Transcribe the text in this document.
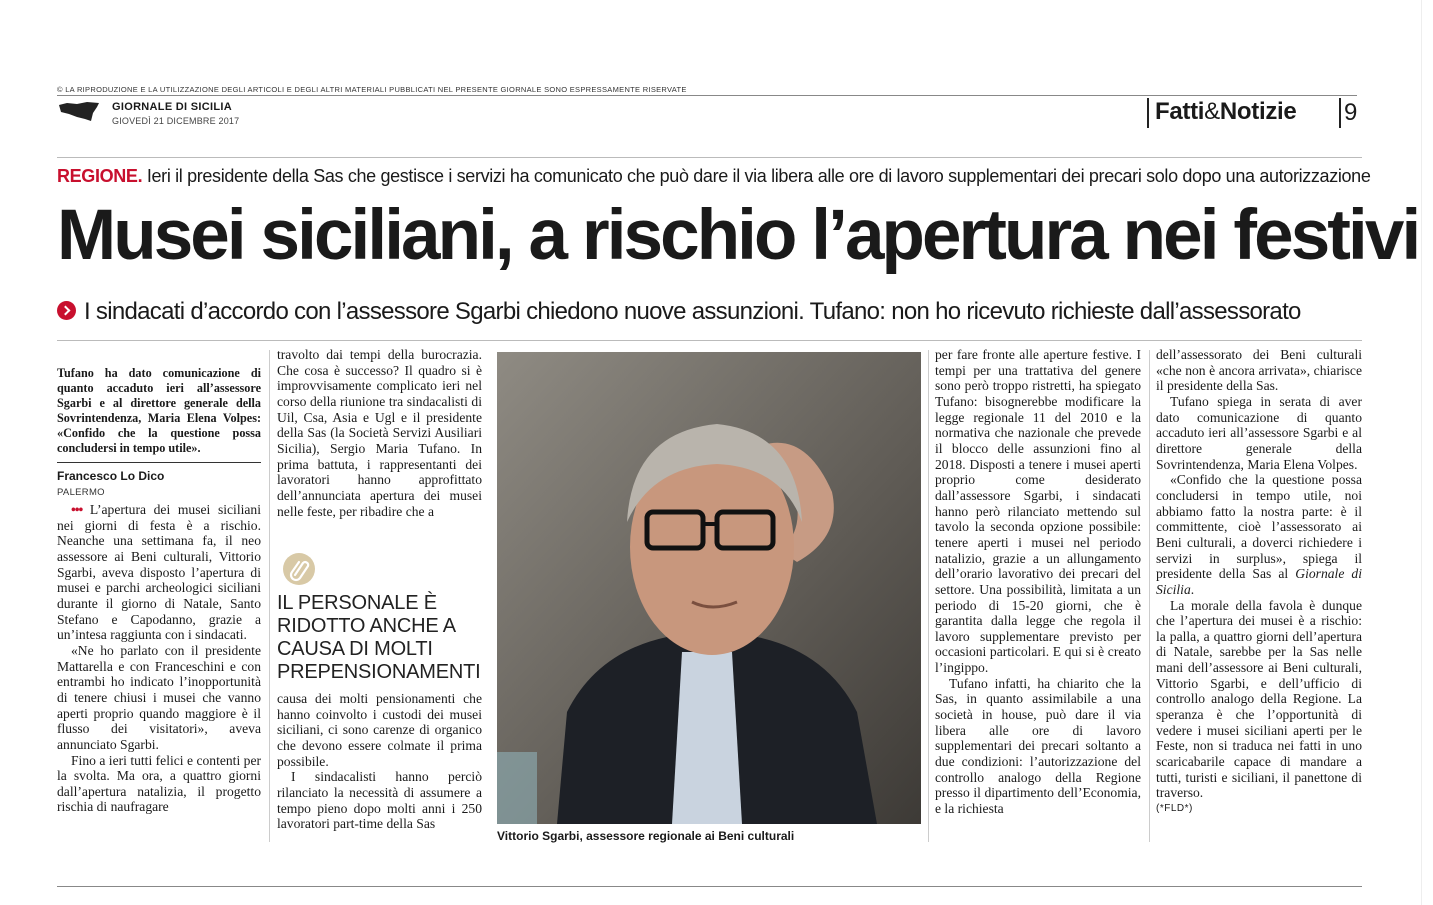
© LA RIPRODUZIONE E LA UTILIZZAZIONE DEGLI ARTICOLI E DEGLI ALTRI MATERIALI PUBBLICATI NEL PRESENTE GIORNALE SONO ESPRESSAMENTE RISERVATE
GIORNALE DI SICILIA
GIOVEDÌ 21 DICEMBRE 2017	Fatti&Notizie 9
REGIONE. Ieri il presidente della Sas che gestisce i servizi ha comunicato che può dare il via libera alle ore di lavoro supplementari dei precari solo dopo una autorizzazione
Musei siciliani, a rischio l’apertura nei festivi
I sindacati d’accordo con l’assessore Sgarbi chiedono nuove assunzioni. Tufano: non ho ricevuto richieste dall’assessorato
Tufano ha dato comunicazione di quanto accaduto ieri all’assessore Sgarbi e al direttore generale della Sovrintendenza, Maria Elena Volpes: «Confido che la questione possa concludersi in tempo utile».
Francesco Lo Dico
PALERMO

••• L’apertura dei musei siciliani nei giorni di festa è a rischio. Neanche una settimana fa, il neo assessore ai Beni culturali, Vittorio Sgarbi, aveva disposto l’apertura di musei e parchi archeologici siciliani durante il giorno di Natale, Santo Stefano e Capodanno, grazie a un’intesa raggiunta con i sindacati.

«Ne ho parlato con il presidente Mattarella e con Franceschini e con entrambi ho indicato l’inopportunità di tenere chiusi i musei che vanno aperti proprio quando maggiore è il flusso dei visitatori», aveva annunciato Sgarbi.

Fino a ieri tutti felici e contenti per la svolta. Ma ora, a quattro giorni dall’apertura natalizia, il progetto rischia di naufragare

travolto dai tempi della burocrazia. Che cosa è successo? Il quadro si è improvvisamente complicato ieri nel corso della riunione tra sindacalisti di Uil, Csa, Asia e Ugl e il presidente della Sas (la Società Servizi Ausiliari Sicilia), Sergio Maria Tufano. In prima battuta, i rappresentanti dei lavoratori hanno approfittato dell’annunciata apertura dei musei nelle feste, per ribadire che a

IL PERSONALE È RIDOTTO ANCHE A CAUSA DI MOLTI PREPENSIONAMENTI

causa dei molti pensionamenti che hanno coinvolto i custodi dei musei siciliani, ci sono carenze di organico che devono essere colmate il prima possibile.

I sindacalisti hanno perciò rilanciato la necessità di assumere a tempo pieno dopo molti anni i 250 lavoratori part-time della Sas

Vittorio Sgarbi, assessore regionale ai Beni culturali

per fare fronte alle aperture festive. I tempi per una trattativa del genere sono però troppo ristretti, ha spiegato Tufano: bisognerebbe modificare la legge regionale 11 del 2010 e la normativa che nazionale che prevede il blocco delle assunzioni fino al 2018. Disposti a tenere i musei aperti proprio come desiderato dall’assessore Sgarbi, i sindacati hanno però rilanciato mettendo sul tavolo la seconda opzione possibile: tenere aperti i musei nel periodo natalizio, grazie a un allungamento dell’orario lavorativo dei precari del settore. Una possibilità, limitata a un periodo di 15-20 giorni, che è garantita dalla legge che regola il lavoro supplementare previsto per occasioni particolari. E qui si è creato l’ingippo.

Tufano infatti, ha chiarito che la Sas, in quanto assimilabile a una società in house, può dare il via libera alle ore di lavoro supplementari dei precari soltanto a due condizioni: l’autorizzazione del controllo analogo della Regione presso il dipartimento dell’Economia, e la richiesta

dell’assessorato dei Beni culturali «che non è ancora arrivata», chiarisce il presidente della Sas.

Tufano spiega in serata di aver dato comunicazione di quanto accaduto ieri all’assessore Sgarbi e al direttore generale della Sovrintendenza, Maria Elena Volpes.

«Confido che la questione possa concludersi in tempo utile, noi abbiamo fatto la nostra parte: è il committente, cioè l’assessorato ai Beni culturali, a doverci richiedere i servizi in surplus», spiega il presidente della Sas al Giornale di Sicilia.

La morale della favola è dunque che l’apertura dei musei è a rischio: la palla, a quattro giorni dell’apertura di Natale, sarebbe per la Sas nelle mani dell’assessore ai Beni culturali, Vittorio Sgarbi, e dell’ufficio di controllo analogo della Regione. La speranza è che l’opportunità di vedere i musei siciliani aperti per le Feste, non si traduca nei fatti in uno scaricabarile capace di mandare a tutti, turisti e siciliani, il panettone di traverso.

(*FLD*)
